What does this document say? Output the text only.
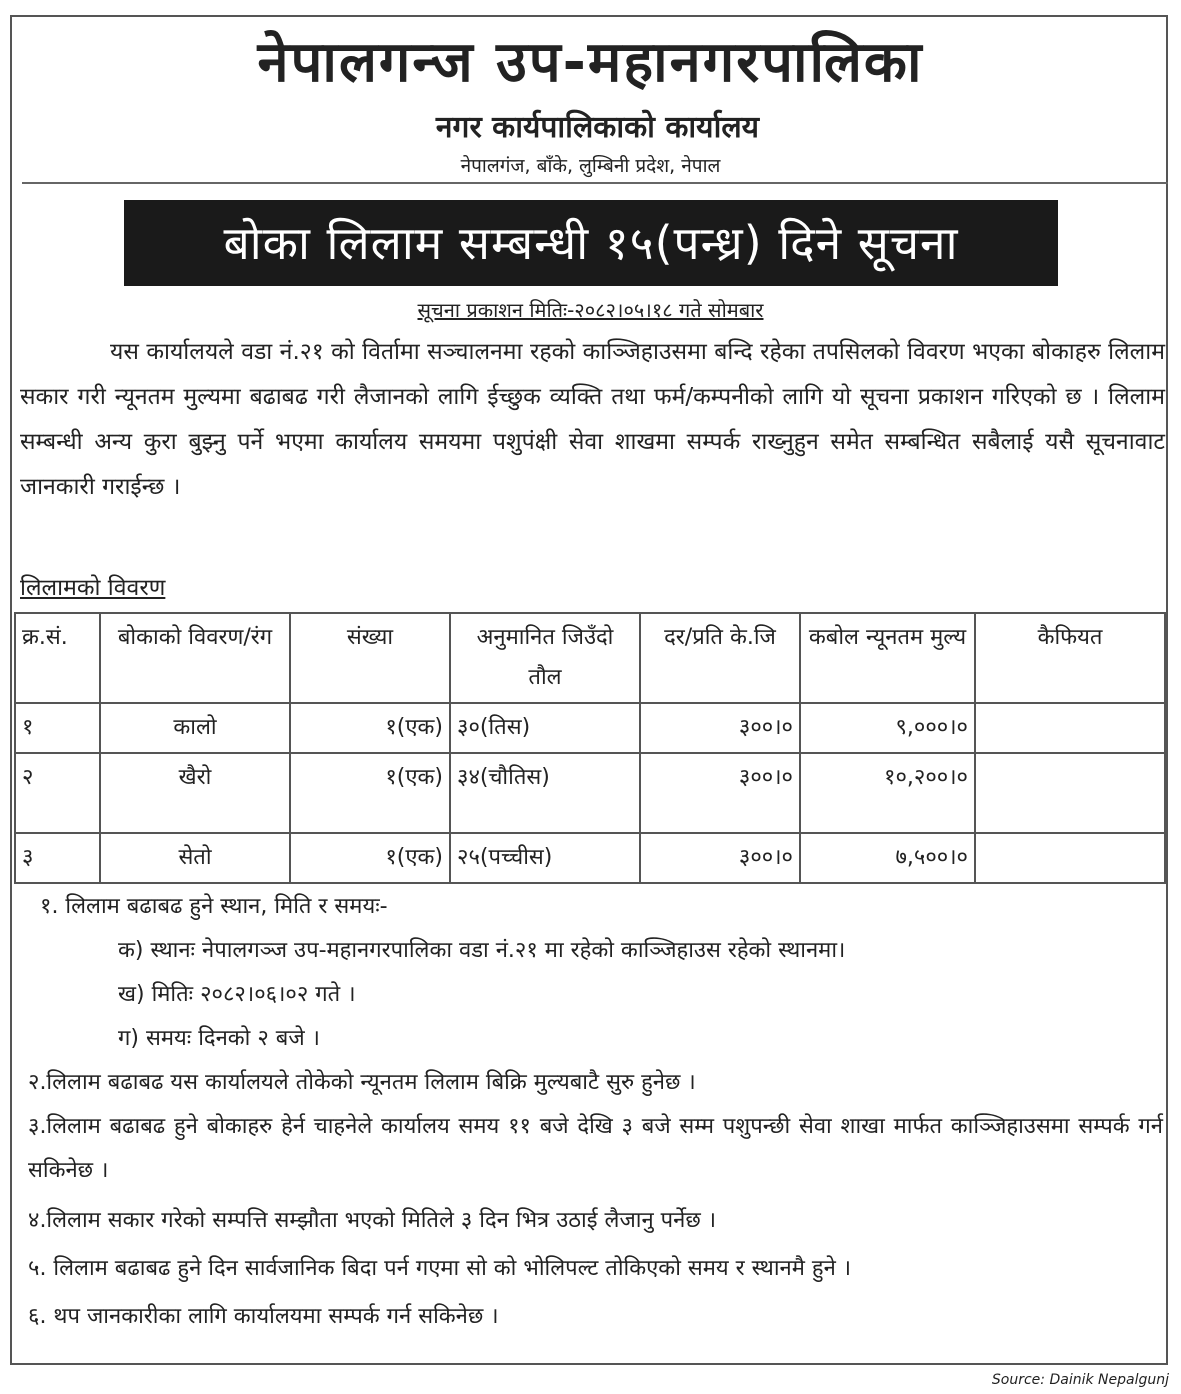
नेपालगन्ज उप-महानगरपालिका
नगर कार्यपालिकाको कार्यालय
नेपालगंज, बाँके, लुम्बिनी प्रदेश, नेपाल
बोका लिलाम सम्बन्धी १५(पन्ध्र) दिने सूचना
सूचना प्रकाशन मितिः-२०८२।०५।१८ गते सोमबार
यस कार्यालयले वडा नं.२१ को विर्तामा सञ्चालनमा रहको काञ्जिहाउसमा बन्दि रहेका तपसिलको विवरण भएका बोकाहरु लिलाम सकार गरी न्यूनतम मुल्यमा बढाबढ गरी लैजानको लागि ईच्छुक व्यक्ति तथा फर्म/कम्पनीको लागि यो सूचना प्रकाशन गरिएको छ । लिलाम सम्बन्धी अन्य कुरा बुझ्नु पर्ने भएमा कार्यालय समयमा पशुपंक्षी सेवा शाखमा सम्पर्क राख्नुहुन समेत सम्बन्धित सबैलाई यसै सूचनावाट जानकारी गराईन्छ ।
लिलामको विवरण
क्र.सं.	बोकाको विवरण/रंग	संख्या	अनुमानित जिउँदो तौल	दर/प्रति के.जि	कबोल न्यूनतम मुल्य	कैफियत
१	कालो	१(एक)	३०(तिस)	३००।०	९,०००।०	
२	खैरो	१(एक)	३४(चौतिस)	३००।०	१०,२००।०	
३	सेतो	१(एक)	२५(पच्चीस)	३००।०	७,५००।०	
१. लिलाम बढाबढ हुने स्थान, मिति र समयः-
क) स्थानः नेपालगञ्ज उप-महानगरपालिका वडा नं.२१ मा रहेको काञ्जिहाउस रहेको स्थानमा।
ख) मितिः २०८२।०६।०२ गते ।
ग) समयः दिनको २ बजे ।
२.लिलाम बढाबढ यस कार्यालयले तोकेको न्यूनतम लिलाम बिक्रि मुल्यबाटै सुरु हुनेछ ।
३.लिलाम बढाबढ हुने बोकाहरु हेर्न चाहनेले कार्यालय समय ११ बजे देखि ३ बजे सम्म पशुपन्छी सेवा शाखा मार्फत काञ्जिहाउसमा सम्पर्क गर्न सकिनेछ ।
४.लिलाम सकार गरेको सम्पत्ति सम्झौता भएको मितिले ३ दिन भित्र उठाई लैजानु पर्नेछ ।
५. लिलाम बढाबढ हुने दिन सार्वजानिक बिदा पर्न गएमा सो को भोलिपल्ट तोकिएको समय र स्थानमै हुने ।
६. थप जानकारीका लागि कार्यालयमा सम्पर्क गर्न सकिनेछ ।
Source: Dainik Nepalgunj
